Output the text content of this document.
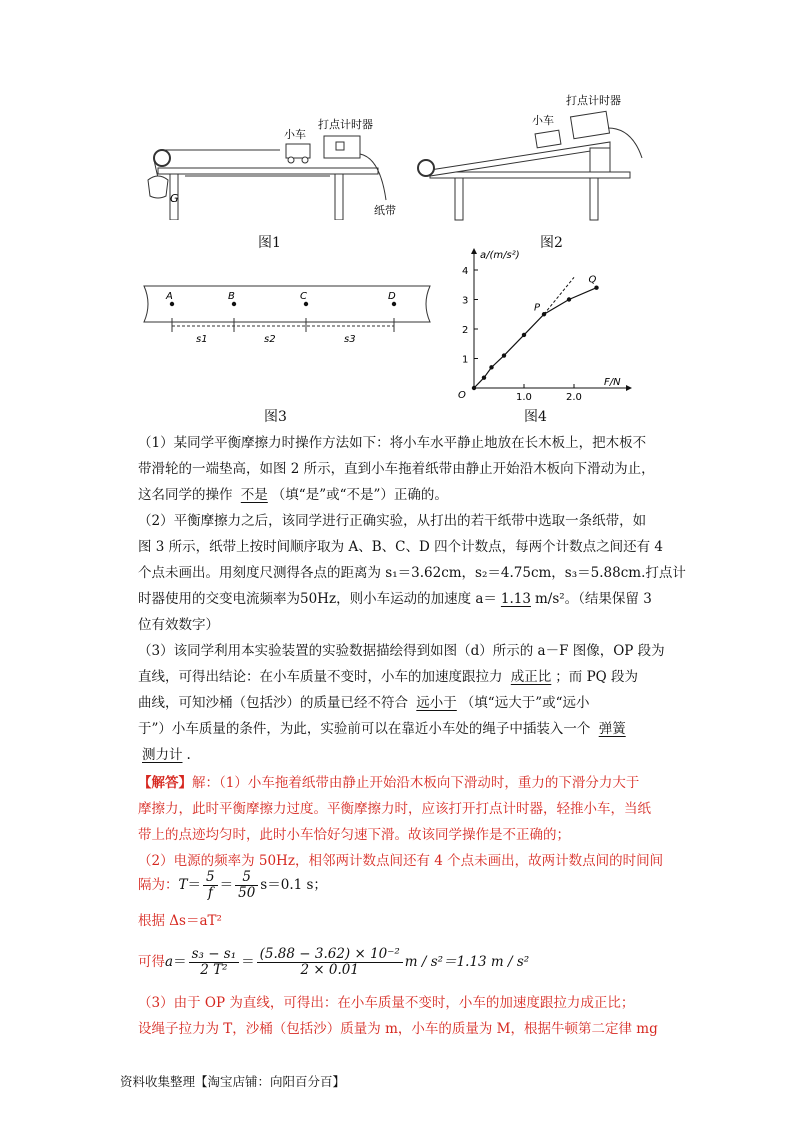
G
小车
打点计时器
纸带
图1
小车
打点计时器
图2
A	B	C	D
s1	s2	s3
图3
a/(m/s²)
F/N
O
1
2
3
4
1.0	2.0
P
Q
图4
（1）某同学平衡摩擦力时操作方法如下：将小车水平静止地放在长木板上，把木板不
带滑轮的一端垫高，如图 2 所示，直到小车拖着纸带由静止开始沿木板向下滑动为止，
这名同学的操作 不是 （填“是”或“不是”）正确的。
（2）平衡摩擦力之后，该同学进行正确实验，从打出的若干纸带中选取一条纸带，如
图 3 所示，纸带上按时间顺序取为 A、B、C、D 四个计数点，每两个计数点之间还有 4
个点未画出。用刻度尺测得各点的距离为 s₁＝3.62cm，s₂＝4.75cm，s₃＝5.88cm.打点计
时器使用的交变电流频率为50Hz，则小车运动的加速度 a＝ 1.13 m/s²。（结果保留 3
位有效数字）
（3）该同学利用本实验装置的实验数据描绘得到如图（d）所示的 a－F 图像，OP 段为
直线，可得出结论：在小车质量不变时，小车的加速度跟拉力 成正比 ；而 PQ 段为
曲线，可知沙桶（包括沙）的质量已经不符合 远小于 （填“远大于”或“远小
于”）小车质量的条件，为此，实验前可以在靠近小车处的绳子中插装入一个 弹簧
测力计 .
【解答】解：（1）小车拖着纸带由静止开始沿木板向下滑动时，重力的下滑分力大于
摩擦力，此时平衡摩擦力过度。平衡摩擦力时，应该打开打点计时器，轻推小车，当纸
带上的点迹均匀时，此时小车恰好匀速下滑。故该同学操作是不正确的；
（2）电源的频率为 50Hz，相邻两计数点间还有 4 个点未画出，故两计数点间的时间间
隔为：$T= \frac{5}{f} = \frac{5}{50} s=0.1$ s；
根据 Δs＝aT²
可得$a= \frac{\text{s₃ − s₁}}{\text{2 T²}} = \frac{\text{(5.88 − 3.62) × 10⁻²}}{2 \times 0.01}$ m / s²＝1.13 m / s²
（3）由于 OP 为直线，可得出：在小车质量不变时，小车的加速度跟拉力成正比；
设绳子拉力为 T，沙桶（包括沙）质量为 m，小车的质量为 M，根据牛顿第二定律 mg
资料收集整理【淘宝店铺：向阳百分百】
